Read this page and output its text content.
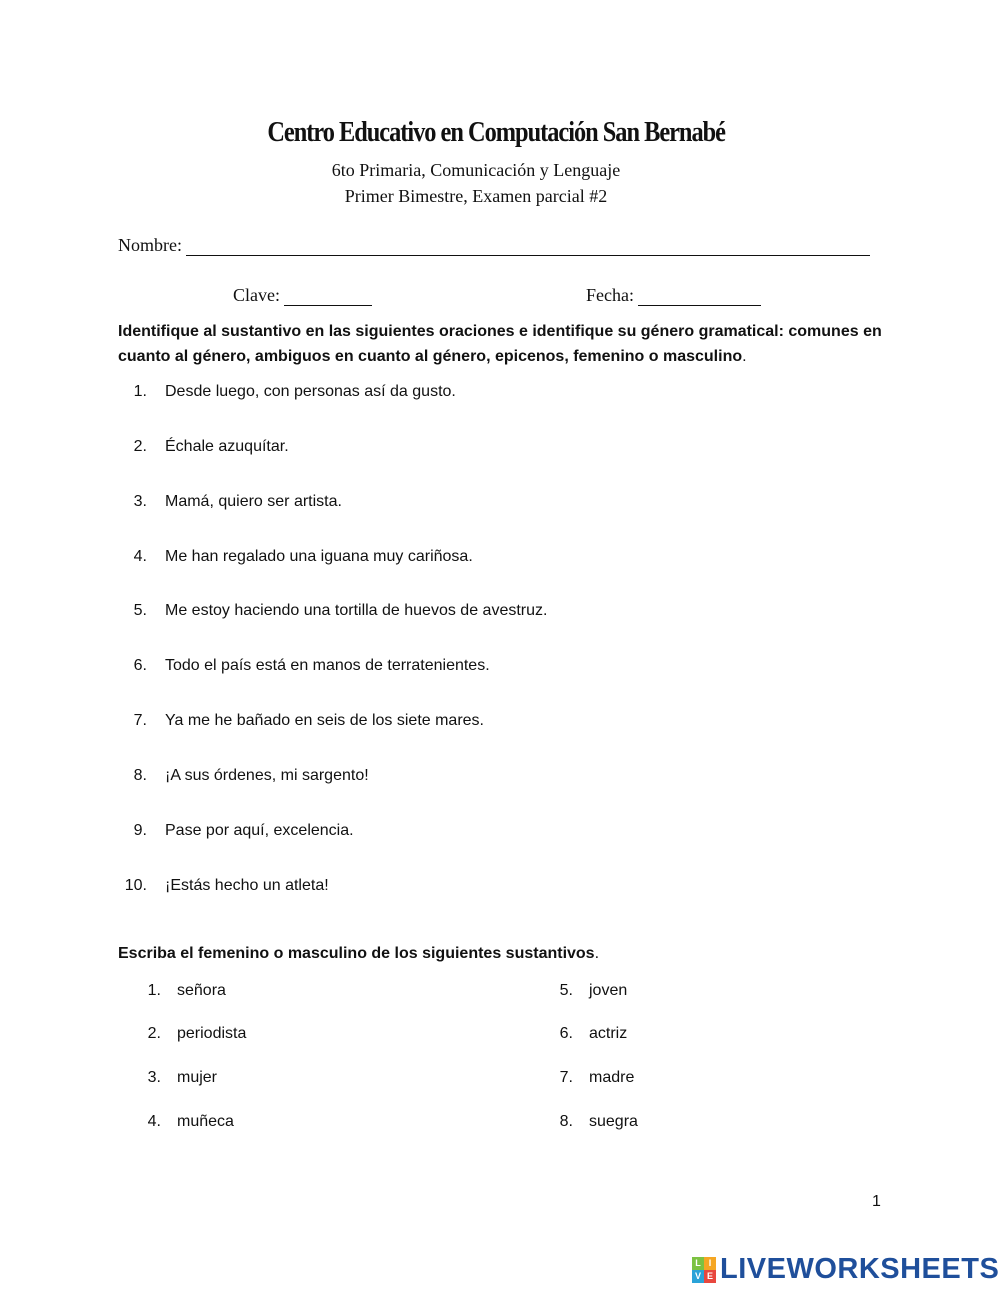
Centro Educativo en Computación San Bernabé
6to Primaria, Comunicación y Lenguaje
Primer Bimestre, Examen parcial #2
Nombre:
Clave:	Fecha:
Identifique al sustantivo en las siguientes oraciones e identifique su género gramatical: comunes en cuanto al género, ambiguos en cuanto al género, epicenos, femenino o masculino.
1. Desde luego, con personas así da gusto.
2. Échale azuquítar.
3. Mamá, quiero ser artista.
4. Me han regalado una iguana muy cariñosa.
5. Me estoy haciendo una tortilla de huevos de avestruz.
6. Todo el país está en manos de terratenientes.
7. Ya me he bañado en seis de los siete mares.
8. ¡A sus órdenes, mi sargento!
9. Pase por aquí, excelencia.
10. ¡Estás hecho un atleta!
Escriba el femenino o masculino de los siguientes sustantivos.
1. señora
2. periodista
3. mujer
4. muñeca
5. joven
6. actriz
7. madre
8. suegra
1
L I
V E LIVEWORKSHEETS
